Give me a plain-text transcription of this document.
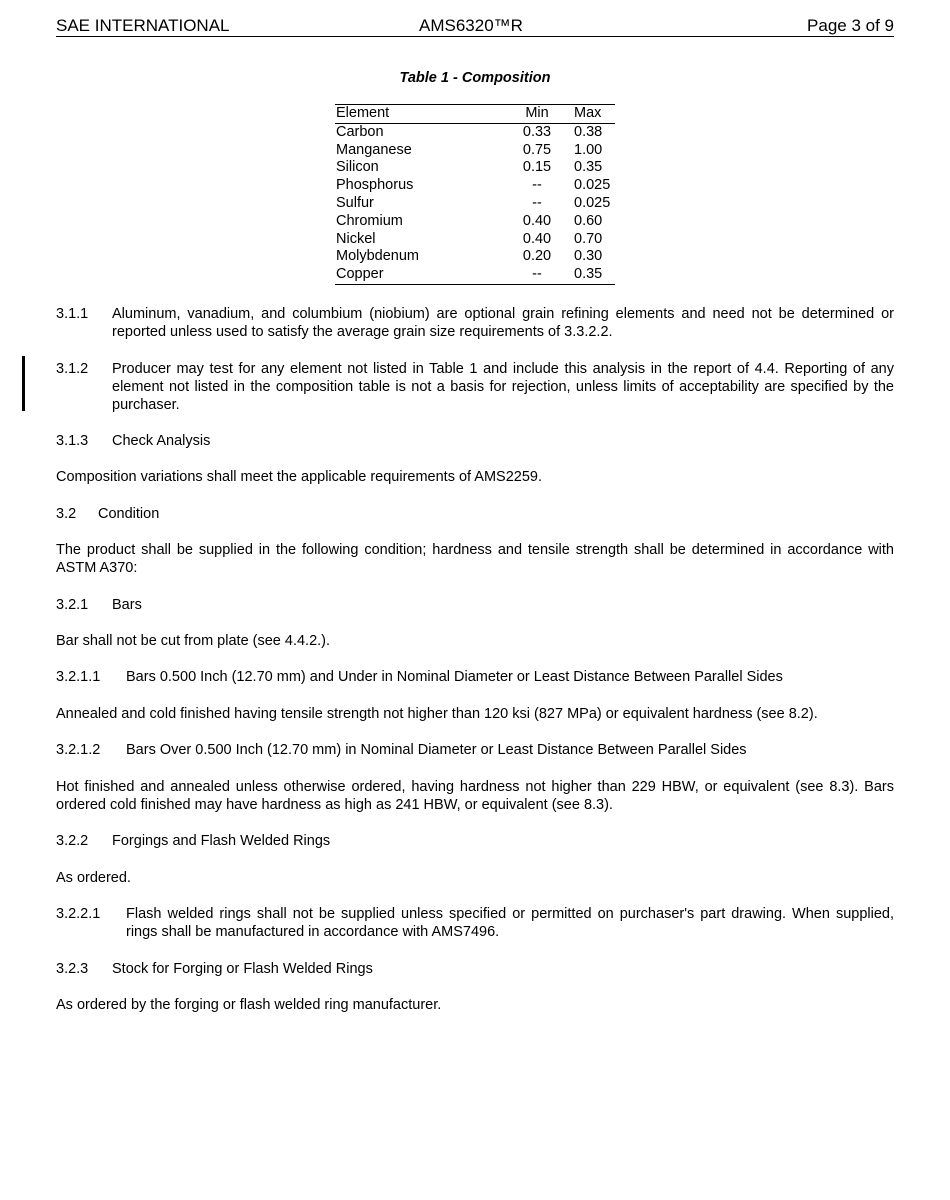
SAE INTERNATIONAL	AMS6320™R	Page 3 of 9
Table 1 - Composition
Element	Min	Max
Carbon	0.33	0.38
Manganese	0.75	1.00
Silicon	0.15	0.35
Phosphorus	--	0.025
Sulfur	--	0.025
Chromium	0.40	0.60
Nickel	0.40	0.70
Molybdenum	0.20	0.30
Copper	--	0.35
3.1.1 Aluminum, vanadium, and columbium (niobium) are optional grain refining elements and need not be determined or reported unless used to satisfy the average grain size requirements of 3.3.2.2.
3.1.2 Producer may test for any element not listed in Table 1 and include this analysis in the report of 4.4. Reporting of any element not listed in the composition table is not a basis for rejection, unless limits of acceptability are specified by the purchaser.
3.1.3 Check Analysis
Composition variations shall meet the applicable requirements of AMS2259.
3.2 Condition
The product shall be supplied in the following condition; hardness and tensile strength shall be determined in accordance with ASTM A370:
3.2.1 Bars
Bar shall not be cut from plate (see 4.4.2.).
3.2.1.1 Bars 0.500 Inch (12.70 mm) and Under in Nominal Diameter or Least Distance Between Parallel Sides
Annealed and cold finished having tensile strength not higher than 120 ksi (827 MPa) or equivalent hardness (see 8.2).
3.2.1.2 Bars Over 0.500 Inch (12.70 mm) in Nominal Diameter or Least Distance Between Parallel Sides
Hot finished and annealed unless otherwise ordered, having hardness not higher than 229 HBW, or equivalent (see 8.3). Bars ordered cold finished may have hardness as high as 241 HBW, or equivalent (see 8.3).
3.2.2 Forgings and Flash Welded Rings
As ordered.
3.2.2.1 Flash welded rings shall not be supplied unless specified or permitted on purchaser's part drawing. When supplied, rings shall be manufactured in accordance with AMS7496.
3.2.3 Stock for Forging or Flash Welded Rings
As ordered by the forging or flash welded ring manufacturer.
